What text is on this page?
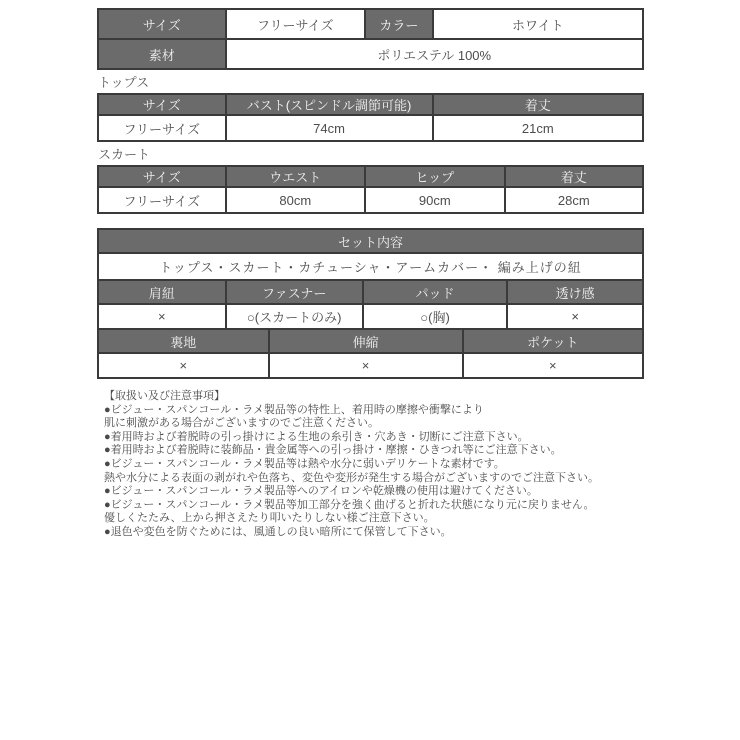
サイズ	フリーサイズ	カラー	ホワイト
素材	ポリエステル 100%		
トップス
サイズ	バスト(スピンドル調節可能)	着丈
フリーサイズ	74cm	21cm
スカート
サイズ	ウエスト	ヒップ	着丈
フリーサイズ	80cm	90cm	28cm
セット内容
トップス・スカート・カチューシャ・アームカバー・ 編み上げの紐
肩紐	ファスナー	パッド	透け感
×	○(スカートのみ)	○(胸)	×
裏地	伸縮	ポケット
×	×	×
【取扱い及び注意事項】
●ビジュー・スパンコール・ラメ製品等の特性上、着用時の摩擦や衝撃により
肌に刺激がある場合がございますのでご注意ください。
●着用時および着脱時の引っ掛けによる生地の糸引き・穴あき・切断にご注意下さい。
●着用時および着脱時に装飾品・貴金属等への引っ掛け・摩擦・ひきつれ等にご注意下さい。
●ビジュー・スパンコール・ラメ製品等は熱や水分に弱いデリケートな素材です。
熱や水分による表面の剥がれや色落ち、変色や変形が発生する場合がございますのでご注意下さい。
●ビジュー・スパンコール・ラメ製品等へのアイロンや乾燥機の使用は避けてください。
●ビジュー・スパンコール・ラメ製品等加工部分を強く曲げると折れた状態になり元に戻りません。
優しくたたみ、上から押さえたり叩いたりしない様ご注意下さい。
●退色や変色を防ぐためには、風通しの良い暗所にて保管して下さい。
